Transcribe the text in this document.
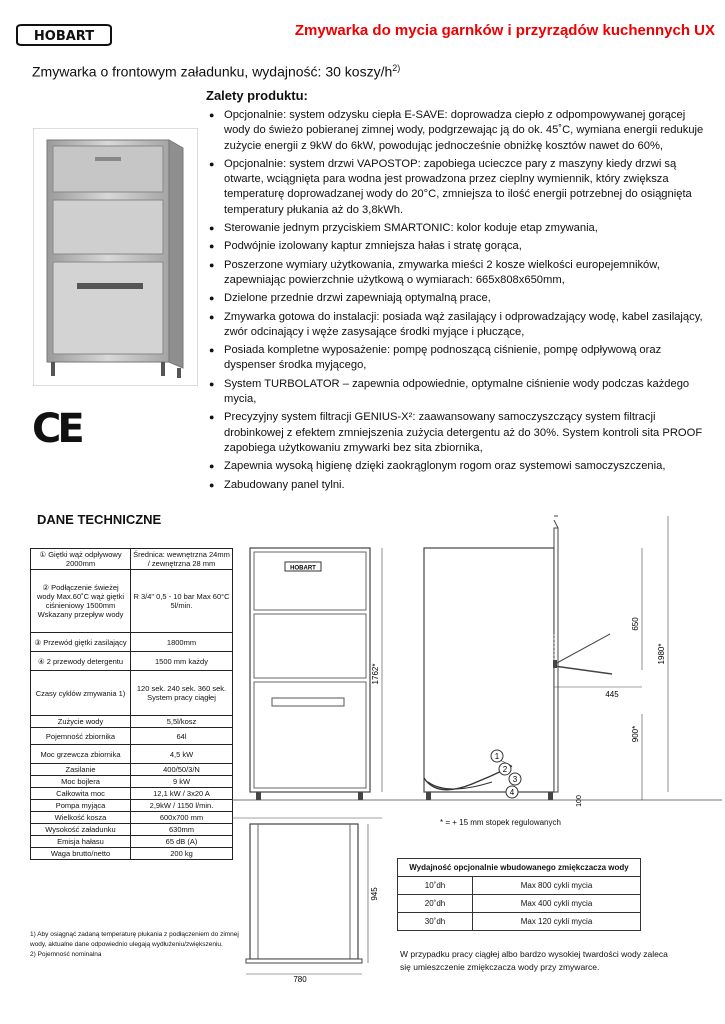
HOBART	Zmywarka do mycia garnków i przyrządów kuchennych UX
Zmywarka o frontowym załadunku, wydajność: 30 koszy/$h^{2)}$
Zalety produktu:
● Opcjonalnie: system odzysku ciepła E-SAVE: doprowadza ciepło z odpompowywanej gorącej wody do świeżo pobieranej zimnej wody, podgrzewając ją do ok. 45˚C, wymiana energii redukuje zużycie energii z 9kW do 6kW, powodując jednocześnie obniżkę kosztów nawet do 60%,
● Opcjonalnie: system drzwi VAPOSTOP: zapobiega ucieczce pary z maszyny kiedy drzwi są otwarte, wciągnięta para wodna jest prowadzona przez cieplny wymiennik, który zwiększa temperaturę doprowadzanej wody do 20°C, zmniejsza to ilość energii potrzebnej do osiągnięta temperatury płukania aż do 3,8kWh.
● Sterowanie jednym przyciskiem SMARTONIC: kolor koduje etap zmywania,
● Podwójnie izolowany kaptur zmniejsza hałas i stratę gorąca,
● Poszerzone wymiary użytkowania, zmywarka mieści 2 kosze wielkości europejemników, zapewniając powierzchnie użytkową o wymiarach: 665x808x650mm,
● Dzielone przednie drzwi zapewniają optymalną prace,
● Zmywarka gotowa do instalacji: posiada wąż zasilający i odprowadzający wodę, kabel zasilający, zwór odcinający i węże zasysające środki myjące i płuczące,
● Posiada kompletne wyposażenie: pompę podnoszącą ciśnienie, pompę odpływową oraz dyspenser środka myjącego,
● System TURBOLATOR – zapewnia odpowiednie, optymalne ciśnienie wody podczas każdego mycia,
● Precyzyjny system filtracji GENIUS-X²: zaawansowany samoczyszczący system filtracji drobinkowej z efektem zmniejszenia zużycia detergentu aż do 30%. System kontroli sita PROOF zapobiega użytkowaniu zmywarki bez sita zbiornika,
● Zapewnia wysoką higienę dzięki zaokrąglonym rogom oraz systemowi samoczyszczenia,
● Zabudowany panel tylni.
CE
DANE TECHNICZNE
① Giętki wąż odpływowy 2000mm	Średnica: wewnętrzna 24mm / zewnętrzna 28 mm
② Podłączenie świeżej wody Max.60˚C wąż giętki ciśnieniowy 1500mm Wskazany przepływ wody	R 3/4" 0,5 - 10 bar Max 60°C 5l/min.
③ Przewód giętki zasilający	1800mm
④ 2 przewody detergentu	1500 mm każdy
Czasy cyklów zmywania 1)	120 sek. 240 sek. 360 sek. System pracy ciągłej
Zużycie wody	5,5l/kosz
Pojemność zbiornika	64l
Moc grzewcza zbiornika	4,5 kW
Zasilanie	400/50/3/N
Moc bojlera	9 kW
Całkowita moc	12,1 kW / 3x20 A
Pompa myjąca	2,9kW / 1150 l/min.
Wielkość kosza	600x700 mm
Wysokość załadunku	630mm
Emisja hałasu	65 dB (A)
Waga brutto/netto	200 kg
1) Aby osiągnąć zadaną temperaturę płukania z podłączeniem do zimnej wody, aktualne dane odpowiednio ulegają wydłużeniu/zwiększeniu.
2) Pojemność nominalna
HOBART
1762*
650
1980*
445
900*
100
1
2
3
4
945
780
* = + 15 mm stopek regulowanych
Wydajność opcjonalnie wbudowanego zmiękczacza wody	
10˚dh	Max 800 cykli mycia
20˚dh	Max 400 cykli mycia
30˚dh	Max 120 cykli mycia
W przypadku pracy ciągłej albo bardzo wysokiej twardości wody zaleca się umieszczenie zmiękczacza wody przy zmywarce.
